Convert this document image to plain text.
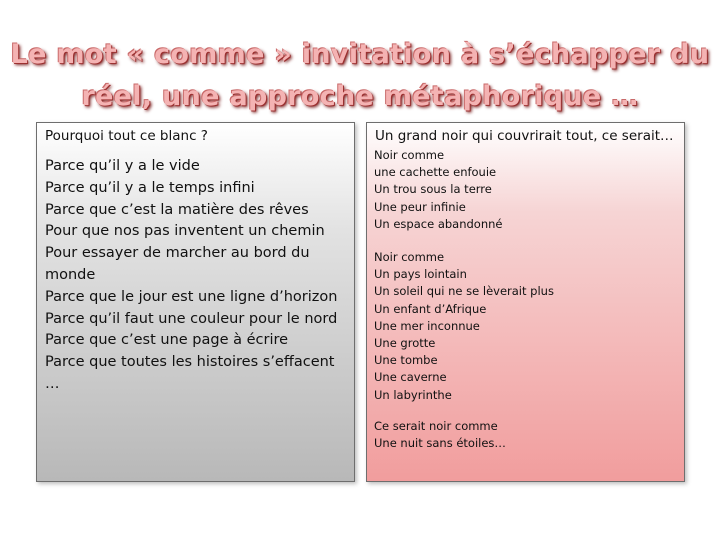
Le mot « comme » invitation à s’échapper du
réel, une approche métaphorique …
Pourquoi tout ce blanc ?
Parce qu’il y a le vide
Parce qu’il y a le temps infini
Parce que c’est la matière des rêves
Pour que nos pas inventent un chemin
Pour essayer de marcher au bord du monde
Parce que le jour est une ligne d’horizon
Parce qu’il faut une couleur pour le nord
Parce que c’est une page à écrire
Parce que toutes les histoires s’effacent …
Un grand noir qui couvrirait tout, ce serait…
Noir comme
une cachette enfouie
Un trou sous la terre
Une peur infinie
Un espace abandonné
Noir comme
Un pays lointain
Un soleil qui ne se lèverait plus
Un enfant d’Afrique
Une mer inconnue
Une grotte
Une tombe
Une caverne
Un labyrinthe
Ce serait noir comme
Une nuit sans étoiles…
